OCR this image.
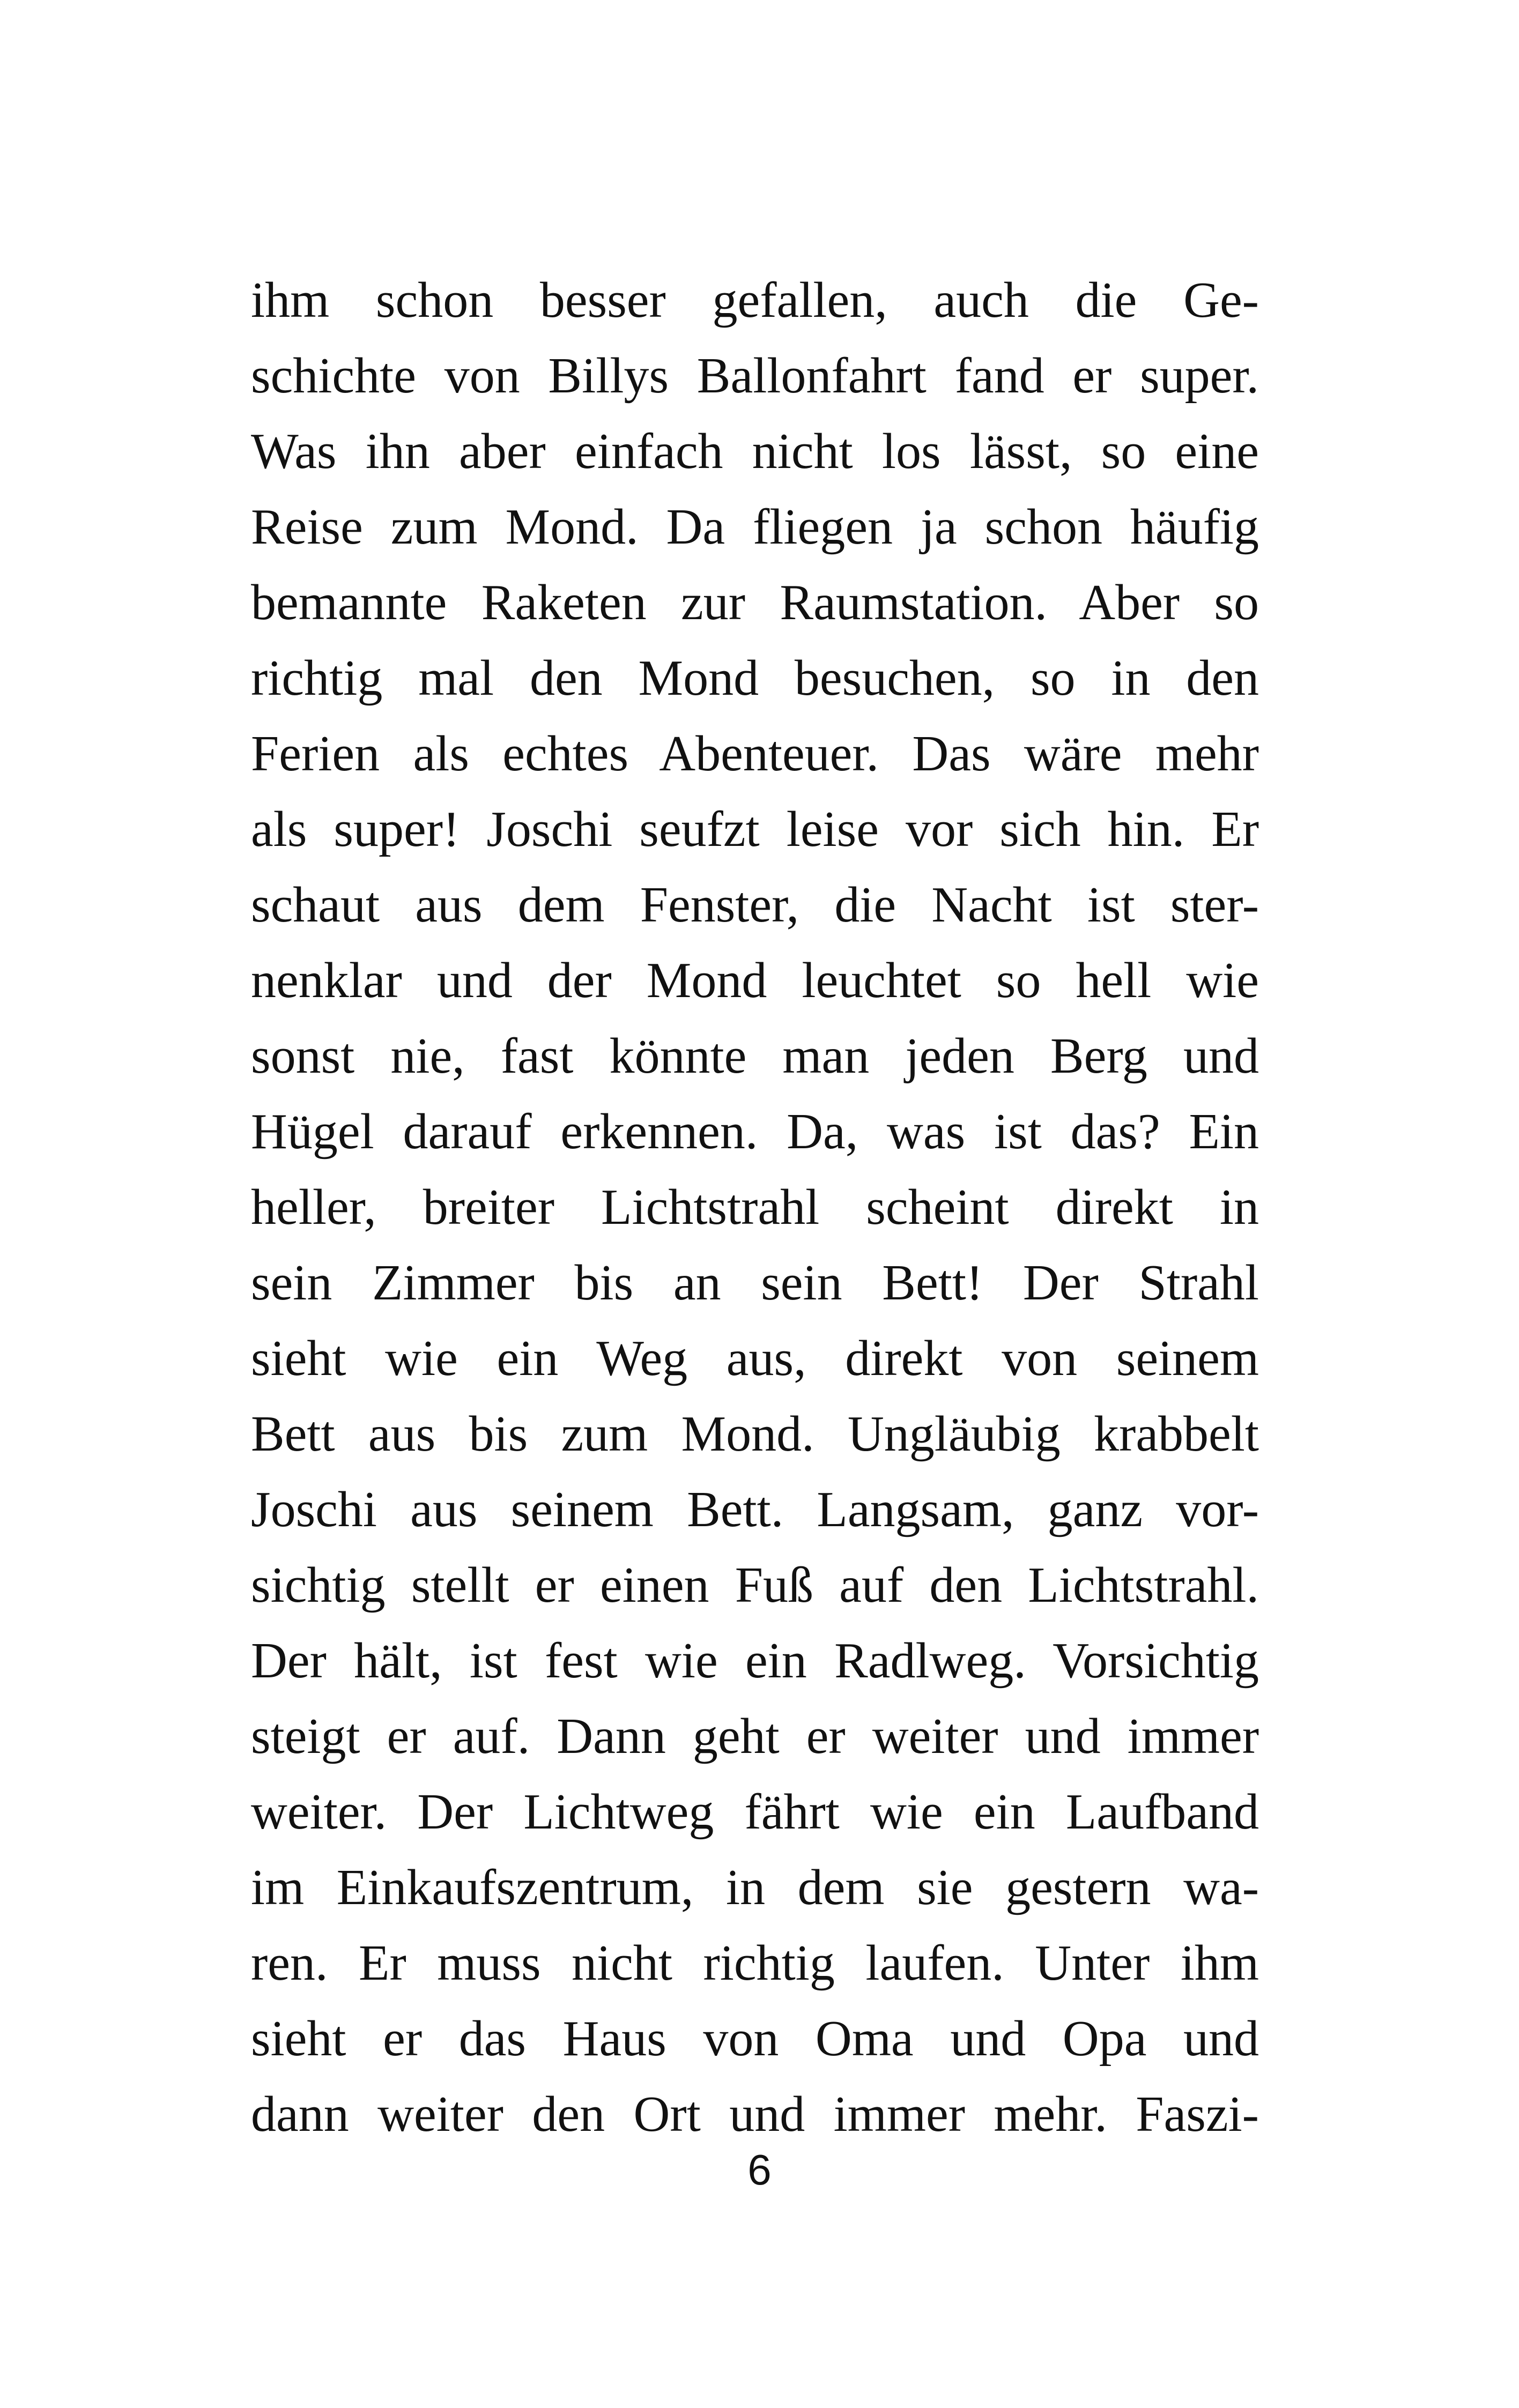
ihm schon besser gefallen, auch die Ge-
schichte von Billys Ballonfahrt fand er super.
Was ihn aber einfach nicht los lässt, so eine
Reise zum Mond. Da fliegen ja schon häufig
bemannte Raketen zur Raumstation. Aber so
richtig mal den Mond besuchen, so in den
Ferien als echtes Abenteuer. Das wäre mehr
als super! Joschi seufzt leise vor sich hin. Er
schaut aus dem Fenster, die Nacht ist ster-
nenklar und der Mond leuchtet so hell wie
sonst nie, fast könnte man jeden Berg und
Hügel darauf erkennen. Da, was ist das? Ein
heller, breiter Lichtstrahl scheint direkt in
sein Zimmer bis an sein Bett! Der Strahl
sieht wie ein Weg aus, direkt von seinem
Bett aus bis zum Mond. Ungläubig krabbelt
Joschi aus seinem Bett. Langsam, ganz vor-
sichtig stellt er einen Fuß auf den Lichtstrahl.
Der hält, ist fest wie ein Radlweg. Vorsichtig
steigt er auf. Dann geht er weiter und immer
weiter. Der Lichtweg fährt wie ein Laufband
im Einkaufszentrum, in dem sie gestern wa-
ren. Er muss nicht richtig laufen. Unter ihm
sieht er das Haus von Oma und Opa und
dann weiter den Ort und immer mehr. Faszi-
6
